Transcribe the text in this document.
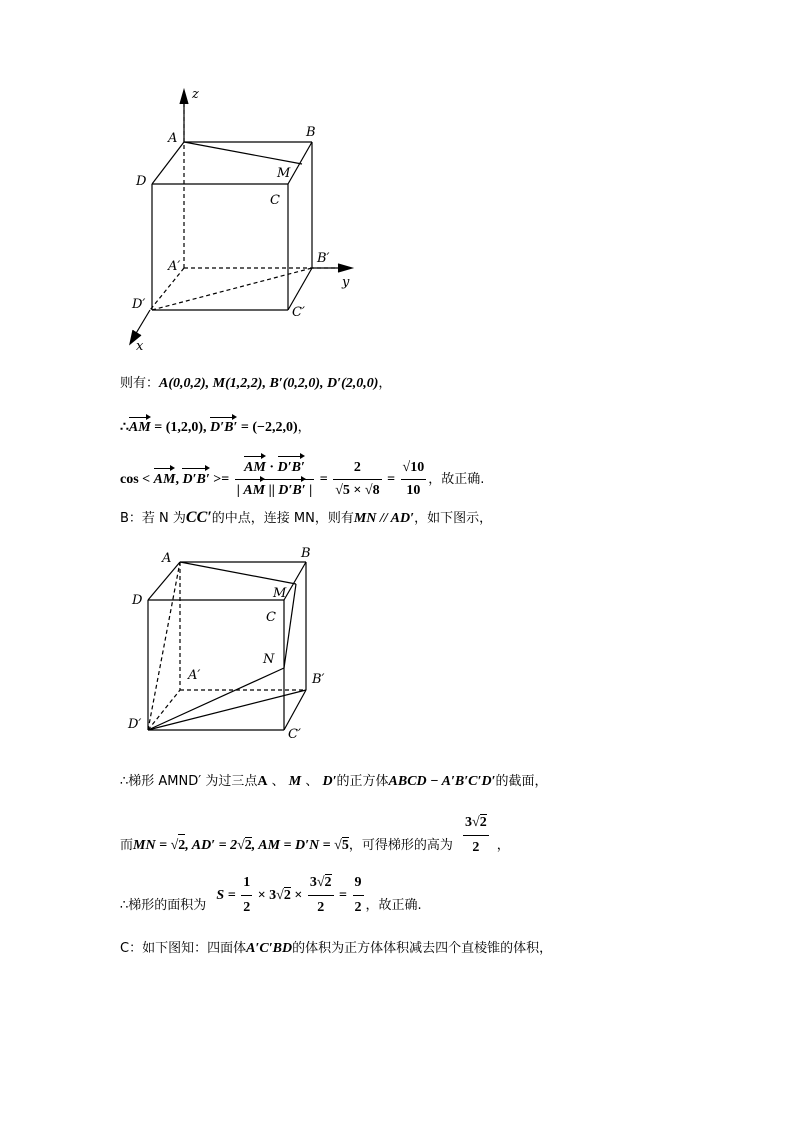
z
y
x
A	B
M
D
C
A′
B′
D′
C′
则有：A(0,0,2), M(1,2,2), B′(0,2,0), D′(2,0,0)，
∴AM = (1,2,0), D′B′ = (−2,2,0)，
cos < AM, $D'B' >= \frac{AM \cdot D'B'}{| AM || D'B' |} = \frac{2}{√5 \times √8} = \frac{√10}{10}$ ，故正确.
B：若 N 为CC′的中点，连接 MN，则有MN // AD′，如下图示，
A	B
M
D
C
N
A′	B′
D′
C′
∴梯形 AMND′ 为过三点A 、 M 、 D′的正方体ABCD − A′B′C′D′的截面，
而MN = √2, AD′ = 2√2, AM = D′N = √5，可得梯形的高为 $\frac{3√2}{2}$ ，
∴梯形的面积为 $S = \frac{1}{2} \times 3√2 \times \frac{3√2}{2} = \frac{9}{2}$ ，故正确.
C：如下图知：四面体A′C′BD的体积为正方体体积减去四个直棱锥的体积，
